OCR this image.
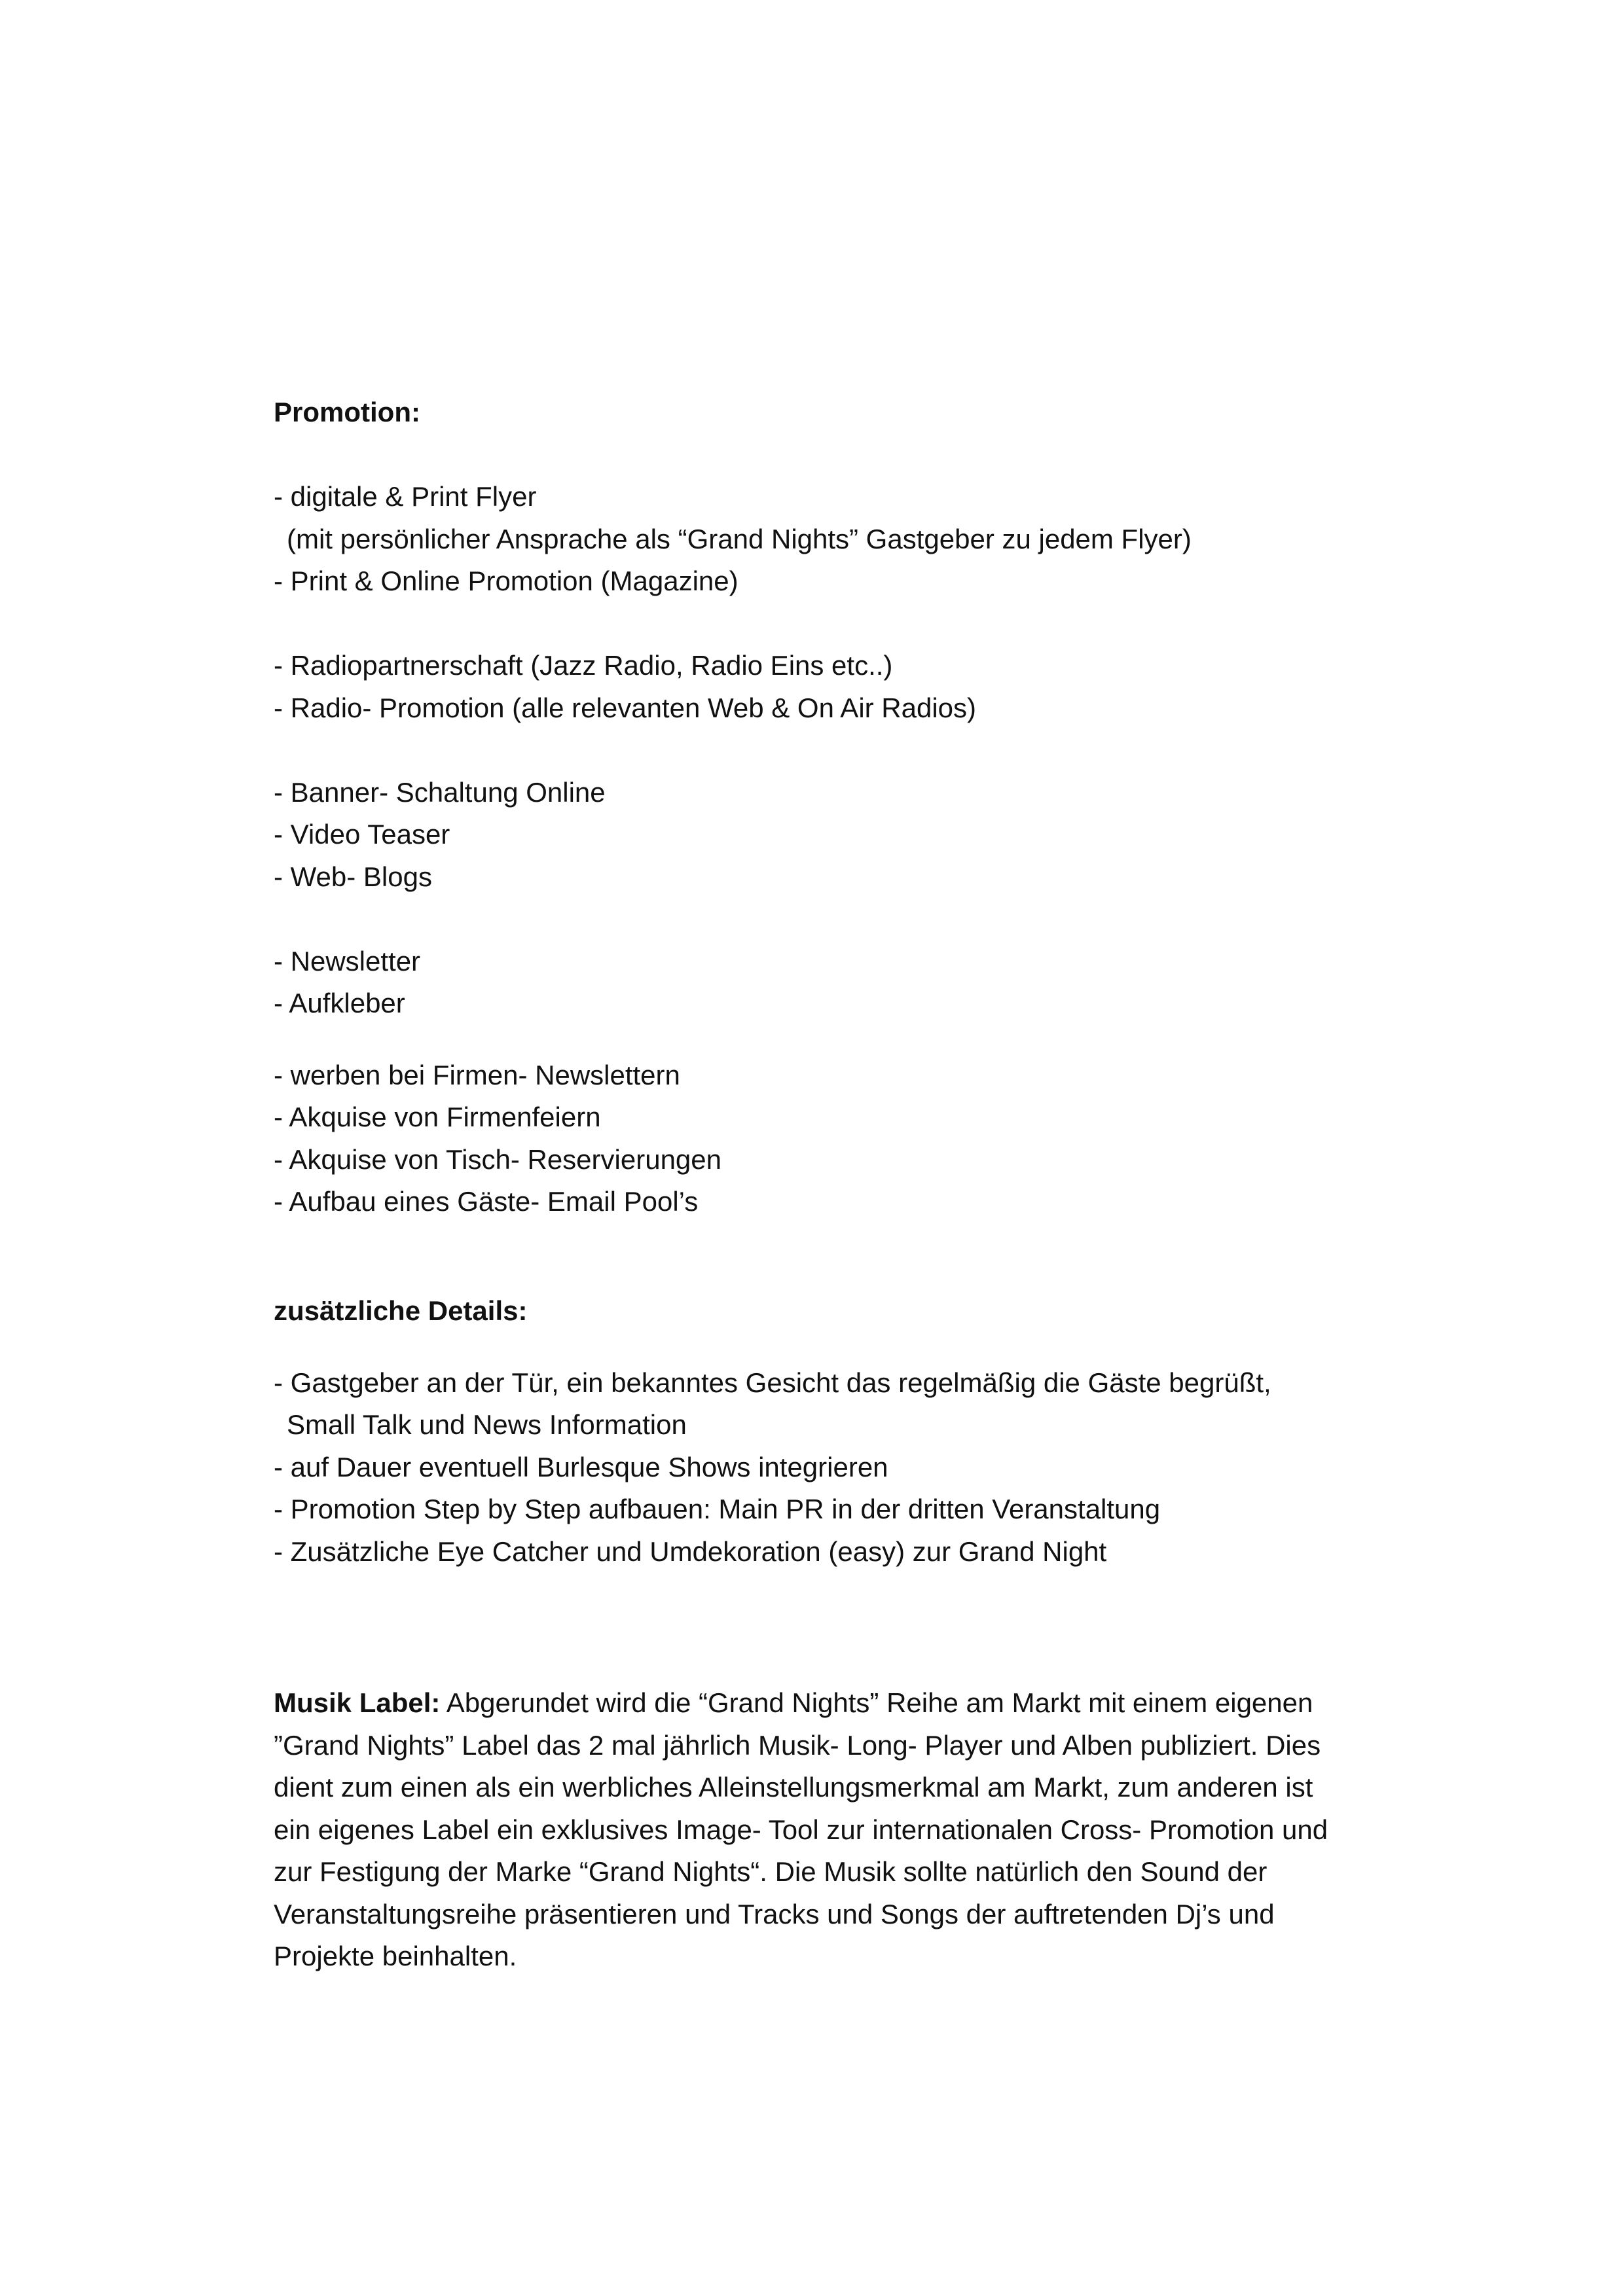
Promotion:

- digitale & Print Flyer

(mit persönlicher Ansprache als “Grand Nights” Gastgeber zu jedem Flyer)

- Print & Online Promotion (Magazine)

- Radiopartnerschaft (Jazz Radio, Radio Eins etc..)

- Radio- Promotion (alle relevanten Web & On Air Radios)

- Banner- Schaltung Online

- Video Teaser

- Web- Blogs

- Newsletter

- Aufkleber

- werben bei Firmen- Newslettern

- Akquise von Firmenfeiern

- Akquise von Tisch- Reservierungen

- Aufbau eines Gäste- Email Pool’s

zusätzliche Details:

- Gastgeber an der Tür, ein bekanntes Gesicht das regelmäßig die Gäste begrüßt,

Small Talk und News Information

- auf Dauer eventuell Burlesque Shows integrieren

- Promotion Step by Step aufbauen: Main PR in der dritten Veranstaltung

- Zusätzliche Eye Catcher und Umdekoration (easy) zur Grand Night

Musik Label: Abgerundet wird die “Grand Nights” Reihe am Markt mit einem eigenen

”Grand Nights” Label das 2 mal jährlich Musik- Long- Player und Alben publiziert. Dies

dient zum einen als ein werbliches Alleinstellungsmerkmal am Markt, zum anderen ist

ein eigenes Label ein exklusives Image- Tool zur internationalen Cross- Promotion und

zur Festigung der Marke “Grand Nights“. Die Musik sollte natürlich den Sound der

Veranstaltungsreihe präsentieren und Tracks und Songs der auftretenden Dj’s und

Projekte beinhalten.
